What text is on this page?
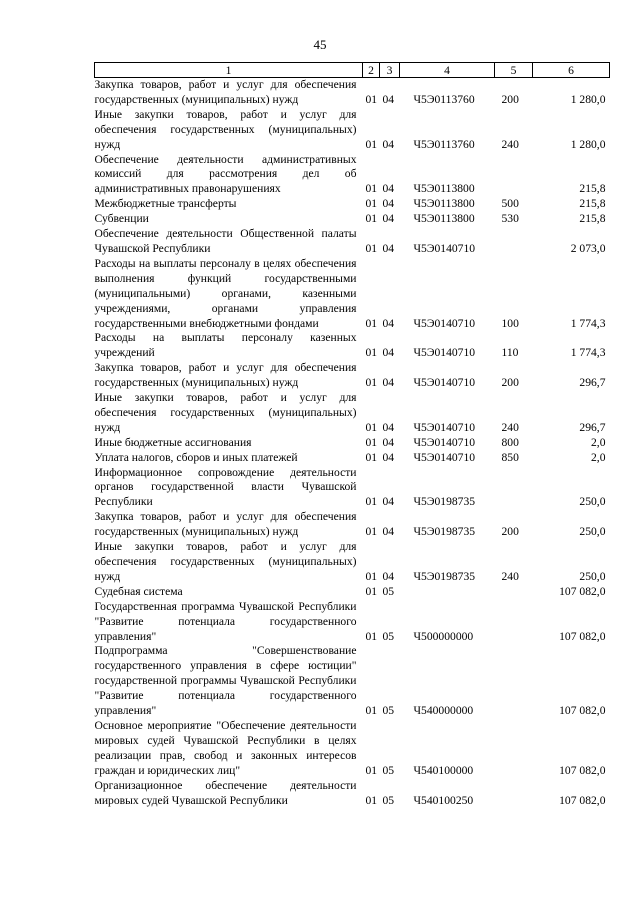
45
1	2	3	4	5	6
Закупка товаров, работ и услуг для обеспечения государственных (муниципальных) нужд	01	04	Ч5Э0113760	200	1 280,0
Иные закупки товаров, работ и услуг для обеспечения государственных (муниципальных) нужд	01	04	Ч5Э0113760	240	1 280,0
Обеспечение деятельности административных комиссий для рассмотрения дел об административных правонарушениях	01	04	Ч5Э0113800		215,8
Межбюджетные трансферты	01	04	Ч5Э0113800	500	215,8
Субвенции	01	04	Ч5Э0113800	530	215,8
Обеспечение деятельности Общественной палаты Чувашской Республики	01	04	Ч5Э0140710		2 073,0
Расходы на выплаты персоналу в целях обеспечения выполнения функций государственными (муниципальными) органами, казенными учреждениями, органами управления государственными внебюджетными фондами	01	04	Ч5Э0140710	100	1 774,3
Расходы на выплаты персоналу казенных учреждений	01	04	Ч5Э0140710	110	1 774,3
Закупка товаров, работ и услуг для обеспечения государственных (муниципальных) нужд	01	04	Ч5Э0140710	200	296,7
Иные закупки товаров, работ и услуг для обеспечения государственных (муниципальных) нужд	01	04	Ч5Э0140710	240	296,7
Иные бюджетные ассигнования	01	04	Ч5Э0140710	800	2,0
Уплата налогов, сборов и иных платежей	01	04	Ч5Э0140710	850	2,0
Информационное сопровождение деятельности органов государственной власти Чувашской Республики	01	04	Ч5Э0198735		250,0
Закупка товаров, работ и услуг для обеспечения государственных (муниципальных) нужд	01	04	Ч5Э0198735	200	250,0
Иные закупки товаров, работ и услуг для обеспечения государственных (муниципальных) нужд	01	04	Ч5Э0198735	240	250,0
Судебная система	01	05			107 082,0
Государственная программа Чувашской Республики "Развитие потенциала государственного управления"	01	05	Ч500000000		107 082,0
Подпрограмма "Совершенствование государственного управления в сфере юстиции" государственной программы Чувашской Республики "Развитие потенциала государственного управления"	01	05	Ч540000000		107 082,0
Основное мероприятие "Обеспечение деятельности мировых судей Чувашской Республики в целях реализации прав, свобод и законных интересов граждан и юридических лиц"	01	05	Ч540100000		107 082,0
Организационное обеспечение деятельности мировых судей Чувашской Республики	01	05	Ч540100250		107 082,0
